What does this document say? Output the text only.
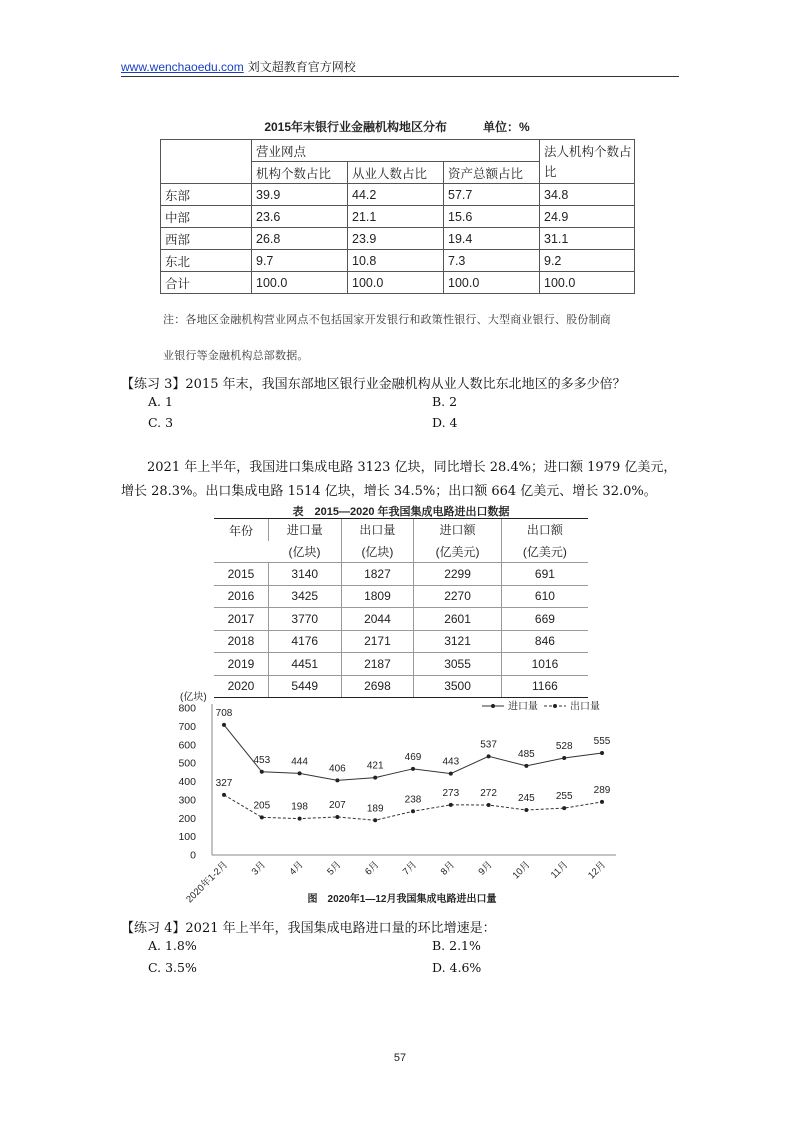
www.wenchaoedu.com 刘文超教育官方网校
2015年末银行业金融机构地区分布	单位：%
	营业网点			法人机构个数占
比

	机构个数占比	从业人数占比	资产总额占比	
东部	39.9	44.2	57.7	34.8
中部	23.6	21.1	15.6	24.9
西部	26.8	23.9	19.4	31.1
东北	9.7	10.8	7.3	9.2
合计	100.0	100.0	100.0	100.0
注：各地区金融机构营业网点不包括国家开发银行和政策性银行、大型商业银行、股份制商
业银行等金融机构总部数据。
【练习 3】2015 年末，我国东部地区银行业金融机构从业人数比东北地区的多多少倍？
A. 1	B. 2
C. 3	D. 4
2021 年上半年，我国进口集成电路 3123 亿块，同比增长 28.4%；进口额 1979 亿美元，增长 28.3%。出口集成电路 1514 亿块，增长 34.5%；出口额 664 亿美元、增长 32.0%。
表　2015—2020 年我国集成电路进出口数据
年份	进口量	出口量	进口额	出口额
	(亿块)	(亿块)	(亿美元)	(亿美元)
2015	3140	1827	2299	691
2016	3425	1809	2270	610
2017	3770	2044	2601	669
2018	4176	2171	3121	846
2019	4451	2187	3055	1016
2020	5449	2698	3500	1166
(亿块)
800
700
600
500
400
300
200
100
0
2020年1-2月 3月 4月 5月 6月 7月 8月 9月 10月 11月 12月
708
453 444
406 421
469 443
537
485
528 555
327
205 198 207 189
238
273 272 245 255
289
进口量	出口量
图　2020年1—12月我国集成电路进出口量
【练习 4】2021 年上半年，我国集成电路进口量的环比增速是：
A. 1.8%	B. 2.1%
C. 3.5%	D. 4.6%
57
